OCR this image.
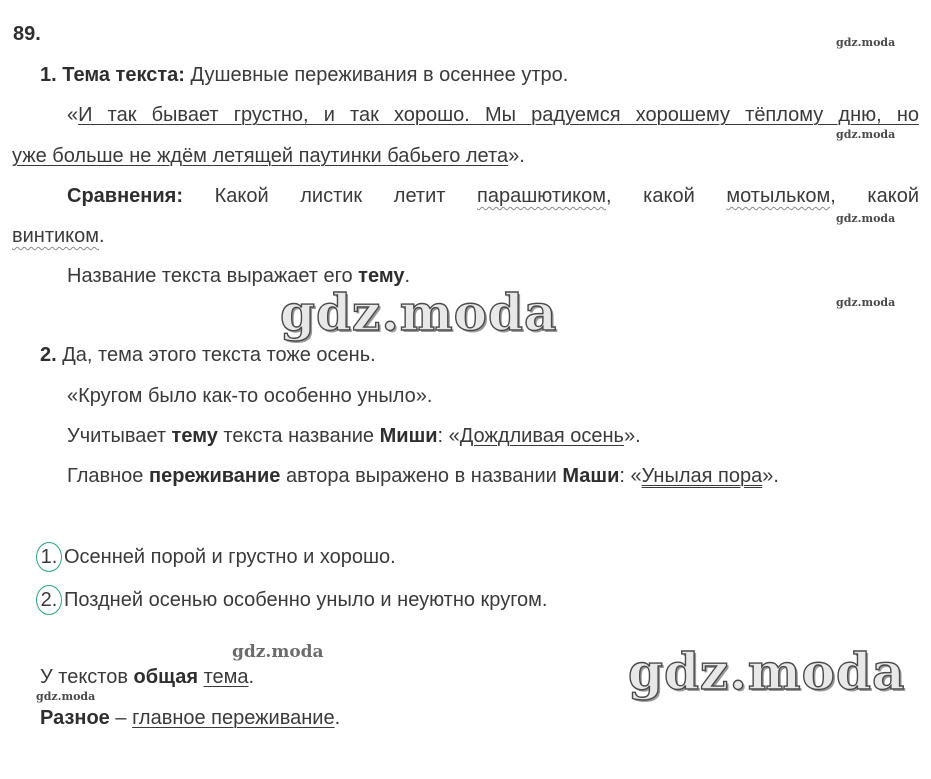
89.
1. Тема текста: Душевные переживания в осеннее утро.
«И так бывает грустно, и так хорошо. Мы радуемся хорошему тёплому дню, но
уже больше не ждём летящей паутинки бабьего лета».
Сравнения: Какой листик летит парашютиком, какой мотыльком, какой
винтиком.
Название текста выражает его тему.
2. Да, тема этого текста тоже осень.
«Кругом было как-то особенно уныло».
Учитывает тему текста название Миши: «Дождливая осень».
Главное переживание автора выражено в названии Маши: «Унылая пора».
1. Осенней порой и грустно и хорошо.
2. Поздней осенью особенно уныло и неуютно кругом.
У текстов общая тема.
Разное – главное переживание.
gdz.moda
gdz.moda
gdz.moda
gdz.moda
gdz.moda
gdz.moda
gdz.moda
gdz.moda
